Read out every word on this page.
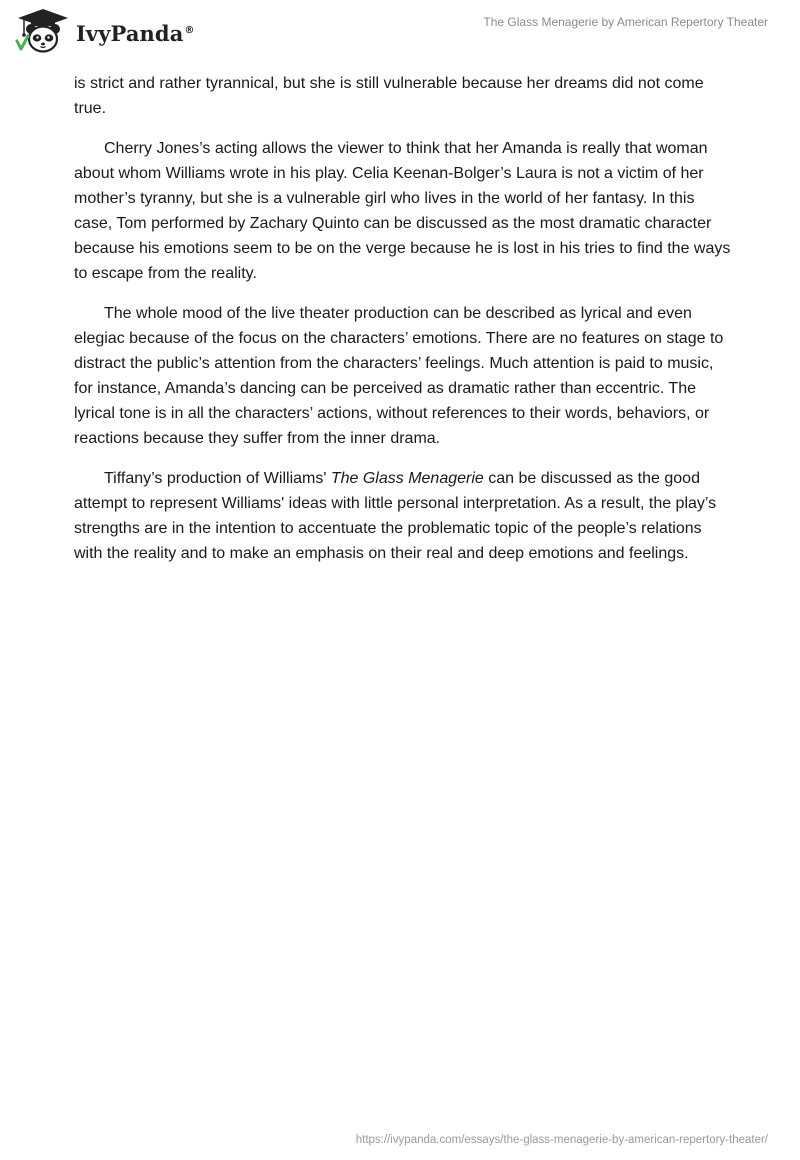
IvyPanda®
The Glass Menagerie by American Repertory Theater

is strict and rather tyrannical, but she is still vulnerable because her dreams did not come true.

Cherry Jones’s acting allows the viewer to think that her Amanda is really that woman about whom Williams wrote in his play. Celia Keenan-Bolger’s Laura is not a victim of her mother’s tyranny, but she is a vulnerable girl who lives in the world of her fantasy. In this case, Tom performed by Zachary Quinto can be discussed as the most dramatic character because his emotions seem to be on the verge because he is lost in his tries to find the ways to escape from the reality.

The whole mood of the live theater production can be described as lyrical and even elegiac because of the focus on the characters’ emotions. There are no features on stage to distract the public’s attention from the characters’ feelings. Much attention is paid to music, for instance, Amanda’s dancing can be perceived as dramatic rather than eccentric. The lyrical tone is in all the characters’ actions, without references to their words, behaviors, or reactions because they suffer from the inner drama.

Tiffany’s production of Williams' The Glass Menagerie can be discussed as the good attempt to represent Williams' ideas with little personal interpretation. As a result, the play’s strengths are in the intention to accentuate the problematic topic of the people’s relations with the reality and to make an emphasis on their real and deep emotions and feelings.

https://ivypanda.com/essays/the-glass-menagerie-by-american-repertory-theater/
